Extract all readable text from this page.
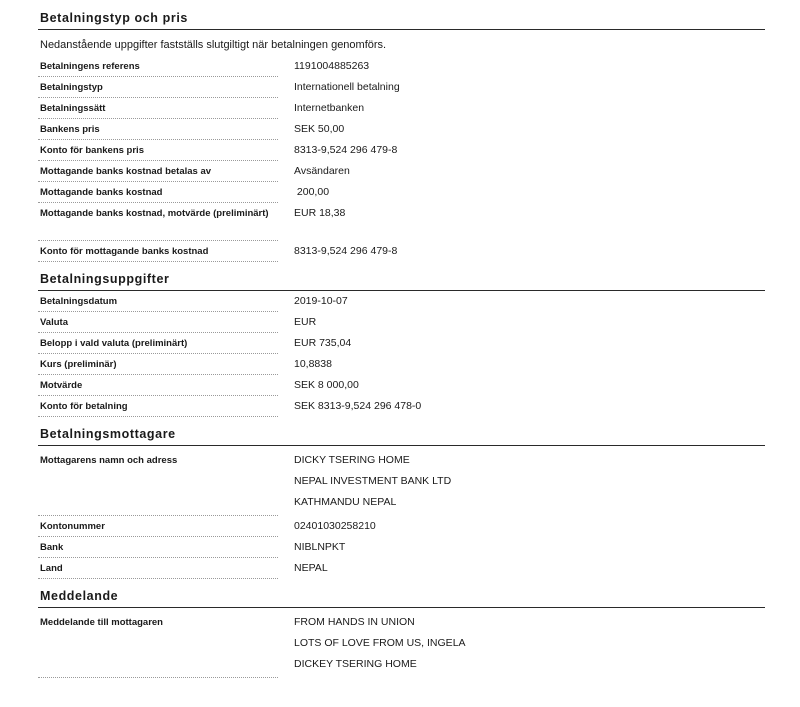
Betalningstyp och pris
Nedanstående uppgifter fastställs slutgiltigt när betalningen genomförs.
Betalningens referens	1191004885263
Betalningstyp	Internationell betalning
Betalningssätt	Internetbanken
Bankens pris	SEK 50,00
Konto för bankens pris	8313-9,524 296 479-8
Mottagande banks kostnad betalas av	Avsändaren
Mottagande banks kostnad	200,00
Mottagande banks kostnad, motvärde (preliminärt)	EUR 18,38
Konto för mottagande banks kostnad	8313-9,524 296 479-8
Betalningsuppgifter
Betalningsdatum	2019-10-07
Valuta	EUR
Belopp i vald valuta (preliminärt)	EUR 735,04
Kurs (preliminär)	10,8838
Motvärde	SEK 8 000,00
Konto för betalning	SEK 8313-9,524 296 478-0
Betalningsmottagare
Mottagarens namn och adress	DICKY TSERING HOME
NEPAL INVESTMENT BANK LTD
KATHMANDU NEPAL
Kontonummer	02401030258210
Bank	NIBLNPKT
Land	NEPAL
Meddelande
Meddelande till mottagaren	FROM HANDS IN UNION
LOTS OF LOVE FROM US, INGELA
DICKEY TSERING HOME
